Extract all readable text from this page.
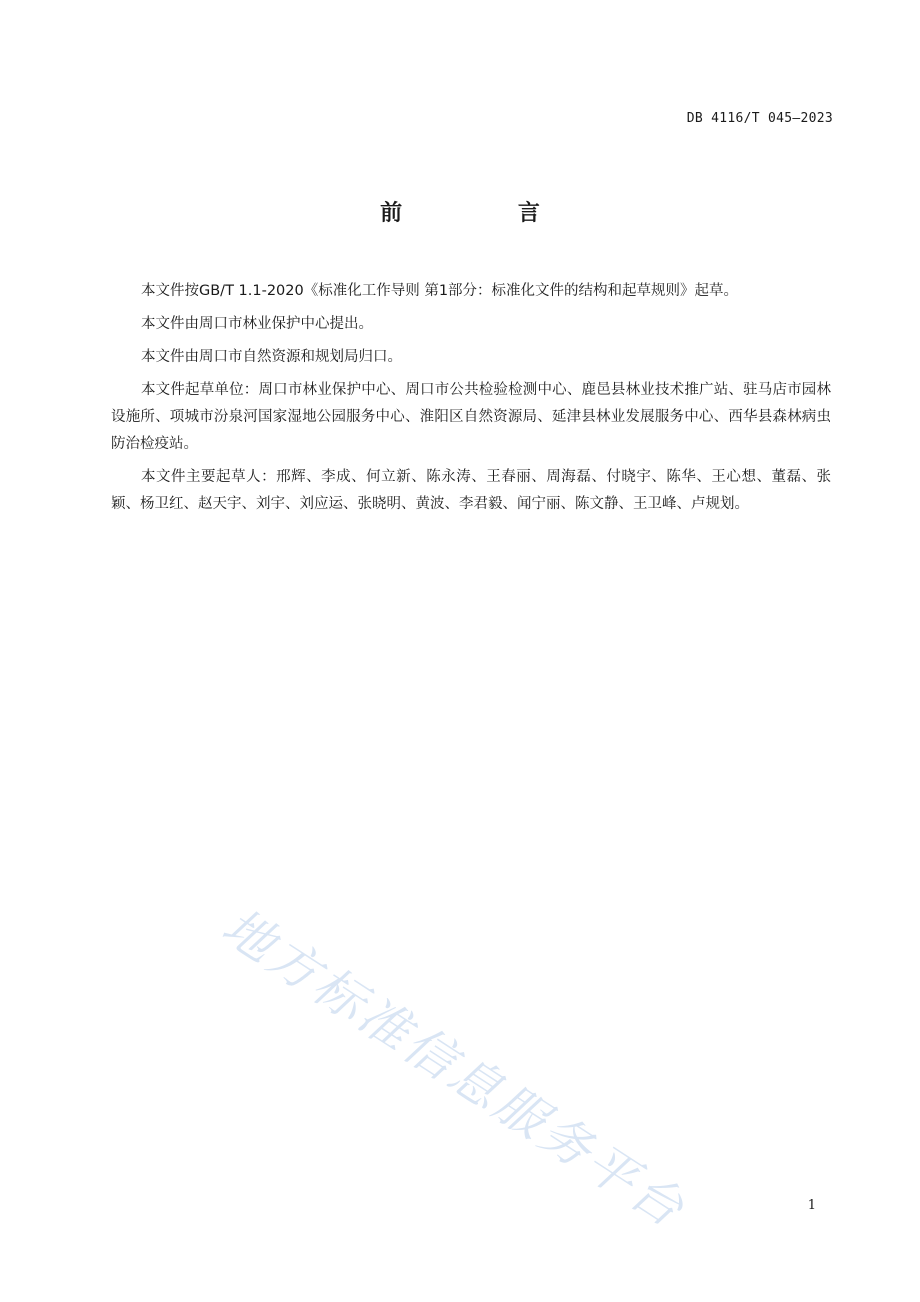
DB 4116/T 045—2023
前 言

本文件按GB/T 1.1-2020《标准化工作导则 第1部分：标准化文件的结构和起草规则》起草。

本文件由周口市林业保护中心提出。

本文件由周口市自然资源和规划局归口。

本文件起草单位：周口市林业保护中心、周口市公共检验检测中心、鹿邑县林业技术推广站、驻马店市园林设施所、项城市汾泉河国家湿地公园服务中心、淮阳区自然资源局、延津县林业发展服务中心、西华县森林病虫防治检疫站。

本文件主要起草人：邢辉、李成、何立新、陈永涛、王春丽、周海磊、付晓宇、陈华、王心想、董磊、张颖、杨卫红、赵天宇、刘宇、刘应运、张晓明、黄波、李君毅、闻宁丽、陈文静、王卫峰、卢规划。

地方标准信息服务平台	1
